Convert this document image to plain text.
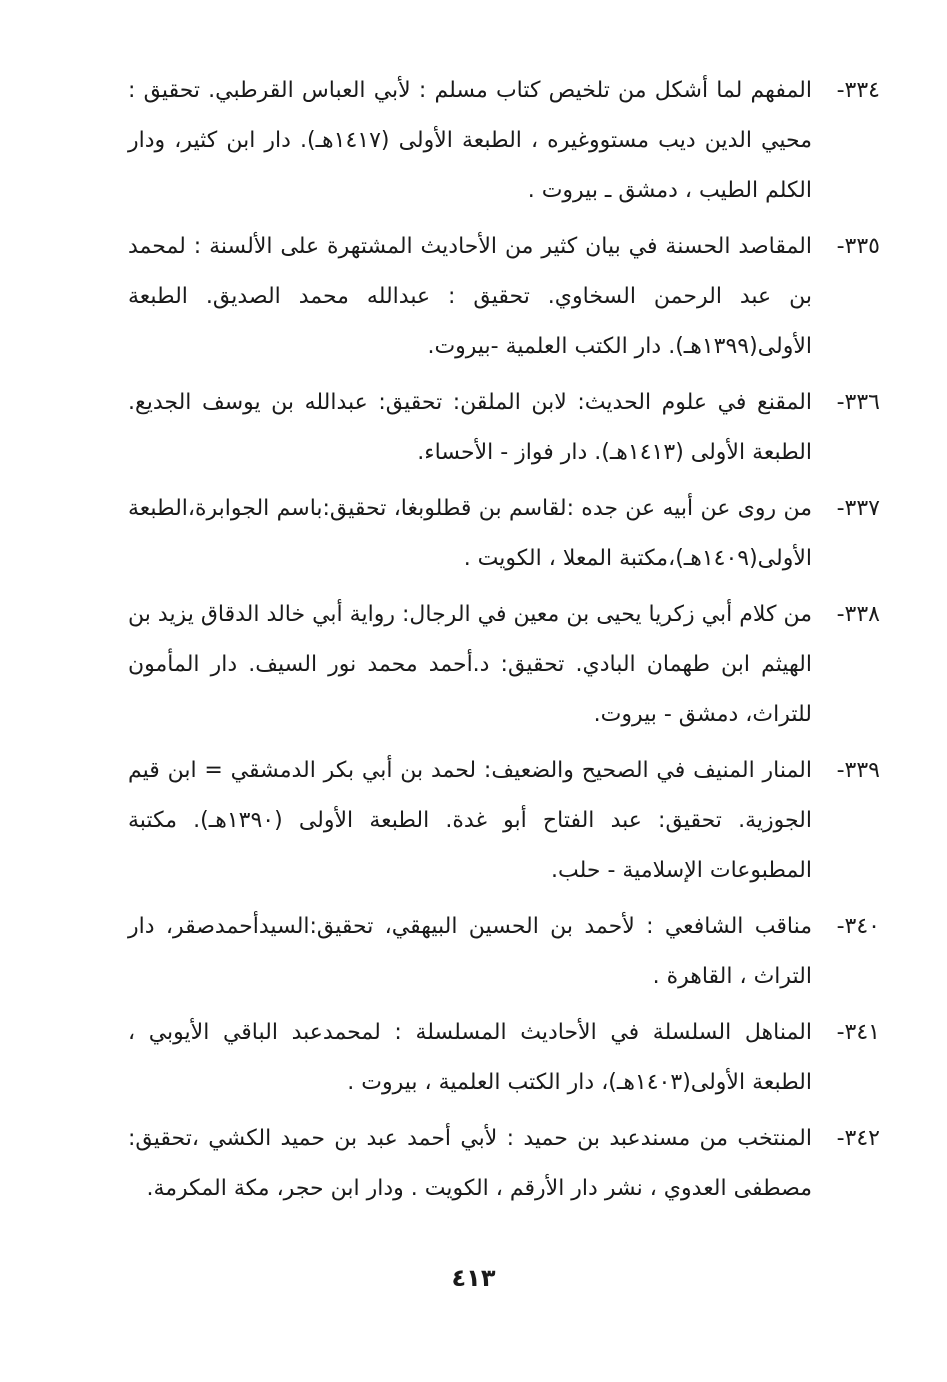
٣٣٤-
المفهم لما أشكل من تلخيص كتاب مسلم : لأبي العباس القرطبي. تحقيق : محيي الدين ديب مستووغيره ، الطبعة الأولى (١٤١٧هـ). دار ابن كثير، ودار الكلم الطيب ، دمشق ـ بيروت .
٣٣٥-
المقاصد الحسنة في بيان كثير من الأحاديث المشتهرة على الألسنة : لمحمد بن عبد الرحمن السخاوي. تحقيق : عبدالله محمد الصديق. الطبعة الأولى(١٣٩٩هـ). دار الكتب العلمية -بيروت.
٣٣٦-
المقنع في علوم الحديث: لابن الملقن: تحقيق: عبدالله بن يوسف الجديع. الطبعة الأولى (١٤١٣هـ). دار فواز - الأحساء.
٣٣٧-
من روى عن أبيه عن جده :لقاسم بن قطلوبغا، تحقيق:باسم الجوابرة،الطبعة الأولى(١٤٠٩هـ)،مكتبة المعلا ، الكويت .
٣٣٨-
من كلام أبي زكريا يحيى بن معين في الرجال: رواية أبي خالد الدقاق يزيد بن الهيثم ابن طهمان البادي. تحقيق: د.أحمد محمد نور السيف. دار المأمون للتراث، دمشق - بيروت.
٣٣٩-
المنار المنيف في الصحيح والضعيف: لحمد بن أبي بكر الدمشقي = ابن قيم الجوزية. تحقيق: عبد الفتاح أبو غدة. الطبعة الأولى (١٣٩٠هـ). مكتبة المطبوعات الإسلامية - حلب.
٣٤٠-
مناقب الشافعي : لأحمد بن الحسين البيهقي، تحقيق:السيدأحمدصقر، دار التراث ، القاهرة .
٣٤١-
المناهل السلسلة في الأحاديث المسلسلة : لمحمدعبد الباقي الأيوبي ، الطبعة الأولى(١٤٠٣هـ)، دار الكتب العلمية ، بيروت .
٣٤٢-
المنتخب من مسندعبد بن حميد : لأبي أحمد عبد بن حميد الكشي ،تحقيق: مصطفى العدوي ، نشر دار الأرقم ، الكويت . ودار ابن حجر، مكة المكرمة.
٤١٣
